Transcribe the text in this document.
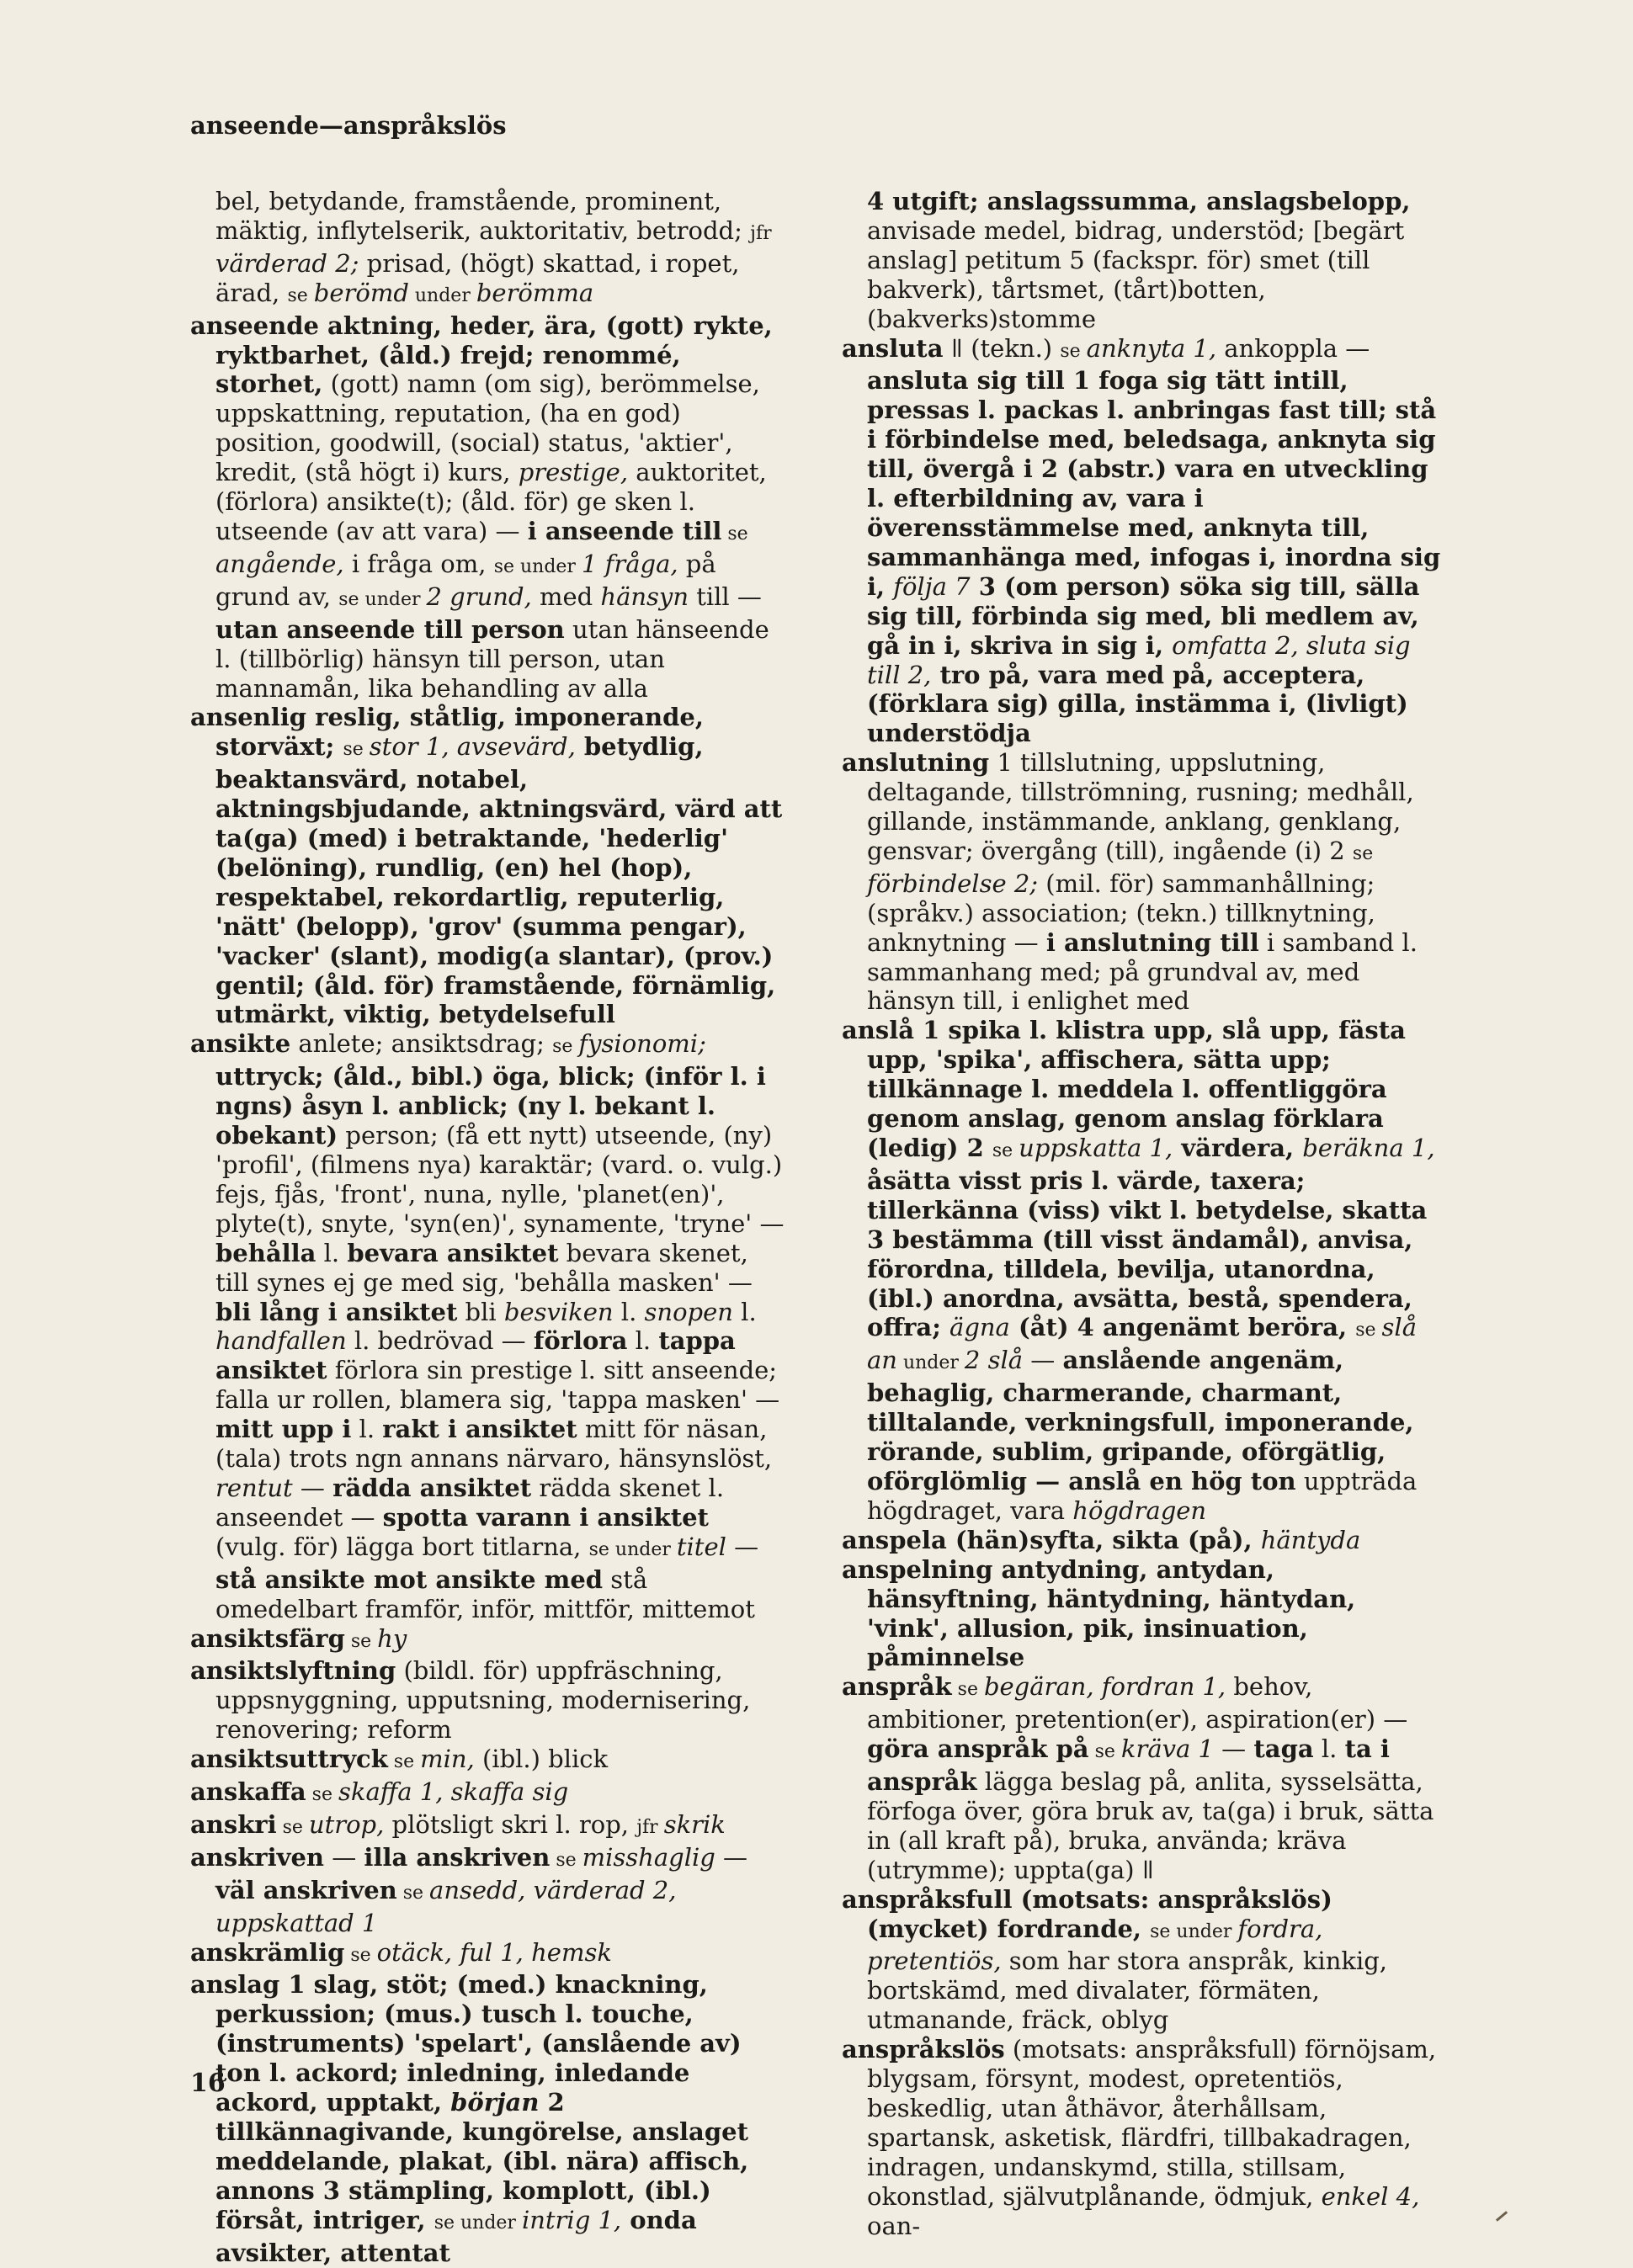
anseende—anspråkslös

bel, betydande, framstående, prominent, mäktig, inflytelserik, auktoritativ, betrodd; jfr värderad 2; prisad, (högt) skattad, i ropet, ärad, se berömd under berömma

anseende aktning, heder, ära, (gott) rykte, ryktbarhet, (åld.) frejd; renommé, storhet, (gott) namn (om sig), berömmelse, uppskattning, reputation, (ha en god) position, goodwill, (social) status, 'aktier', kredit, (stå högt i) kurs, prestige, auktoritet, (förlora) ansikte(t); (åld. för) ge sken l. utseende (av att vara) — i anseende till se angående, i fråga om, se under 1 fråga, på grund av, se under 2 grund, med hänsyn till — utan anseende till person utan hänseende l. (tillbörlig) hänsyn till person, utan mannamån, lika behandling av alla

ansenlig reslig, ståtlig, imponerande, storväxt; se stor 1, avsevärd, betydlig, beaktansvärd, notabel, aktningsbjudande, aktningsvärd, värd att ta(ga) (med) i betraktande, 'hederlig' (belöning), rundlig, (en) hel (hop), respektabel, rekordartlig, reputerlig, 'nätt' (belopp), 'grov' (summa pengar), 'vacker' (slant), modig(a slantar), (prov.) gentil; (åld. för) framstående, förnämlig, utmärkt, viktig, betydelsefull

ansikte anlete; ansiktsdrag; se fysionomi; uttryck; (åld., bibl.) öga, blick; (inför l. i ngns) åsyn l. anblick; (ny l. bekant l. obekant) person; (få ett nytt) utseende, (ny) 'profil', (filmens nya) karaktär; (vard. o. vulg.) fejs, fjås, 'front', nuna, nylle, 'planet(en)', plyte(t), snyte, 'syn(en)', synamente, 'tryne' — behålla l. bevara ansiktet bevara skenet, till synes ej ge med sig, 'behålla masken' — bli lång i ansiktet bli besviken l. snopen l. handfallen l. bedrövad — förlora l. tappa ansiktet förlora sin prestige l. sitt anseende; falla ur rollen, blamera sig, 'tappa masken' — mitt upp i l. rakt i ansiktet mitt för näsan, (tala) trots ngn annans närvaro, hänsynslöst, rentut — rädda ansiktet rädda skenet l. anseendet — spotta varann i ansiktet (vulg. för) lägga bort titlarna, se under titel — stå ansikte mot ansikte med stå omedelbart framför, inför, mittför, mittemot

ansiktsfärg se hy

ansiktslyftning (bildl. för) uppfräschning, uppsnyggning, upputsning, modernisering, renovering; reform

ansiktsuttryck se min, (ibl.) blick

anskaffa se skaffa 1, skaffa sig

anskri se utrop, plötsligt skri l. rop, jfr skrik

anskriven — illa anskriven se misshaglig — väl anskriven se ansedd, värderad 2, uppskattad 1

anskrämlig se otäck, ful 1, hemsk

anslag 1 slag, stöt; (med.) knackning, perkussion; (mus.) tusch l. touche, (instruments) 'spelart', (anslående av) ton l. ackord; inledning, inledande ackord, upptakt, början 2 tillkännagivande, kungörelse, anslaget meddelande, plakat, (ibl. nära) affisch, annons 3 stämpling, komplott, (ibl.) försåt, intriger, se under intrig 1, onda avsikter, attentat

4 utgift; anslagssumma, anslagsbelopp, anvisade medel, bidrag, understöd; [begärt anslag] petitum 5 (fackspr. för) smet (till bakverk), tårtsmet, (tårt)botten, (bakverks)stomme

ansluta ǁ (tekn.) se anknyta 1, ankoppla — ansluta sig till 1 foga sig tätt intill, pressas l. packas l. anbringas fast till; stå i förbindelse med, beledsaga, anknyta sig till, övergå i 2 (abstr.) vara en utveckling l. efterbildning av, vara i överensstämmelse med, anknyta till, sammanhänga med, infogas i, inordna sig i, följa 7 3 (om person) söka sig till, sälla sig till, förbinda sig med, bli medlem av, gå in i, skriva in sig i, omfatta 2, sluta sig till 2, tro på, vara med på, acceptera, (förklara sig) gilla, instämma i, (livligt) understödja

anslutning 1 tillslutning, uppslutning, deltagande, tillströmning, rusning; medhåll, gillande, instämmande, anklang, genklang, gensvar; övergång (till), ingående (i) 2 se förbindelse 2; (mil. för) sammanhållning; (språkv.) association; (tekn.) tillknytning, anknytning — i anslutning till i samband l. sammanhang med; på grundval av, med hänsyn till, i enlighet med

anslå 1 spika l. klistra upp, slå upp, fästa upp, 'spika', affischera, sätta upp; tillkännage l. meddela l. offentliggöra genom anslag, genom anslag förklara (ledig) 2 se uppskatta 1, värdera, beräkna 1, åsätta visst pris l. värde, taxera; tillerkänna (viss) vikt l. betydelse, skatta 3 bestämma (till visst ändamål), anvisa, förordna, tilldela, bevilja, utanordna, (ibl.) anordna, avsätta, bestå, spendera, offra; ägna (åt) 4 angenämt beröra, se slå an under 2 slå — anslående angenäm, behaglig, charmerande, charmant, tilltalande, verkningsfull, imponerande, rörande, sublim, gripande, oförgätlig, oförglömlig — anslå en hög ton uppträda högdraget, vara högdragen

anspela (hän)syfta, sikta (på), häntyda

anspelning antydning, antydan, hänsyftning, häntydning, häntydan, 'vink', allusion, pik, insinuation, påminnelse

anspråk se begäran, fordran 1, behov, ambitioner, pretention(er), aspiration(er) — göra anspråk på se kräva 1 — taga l. ta i anspråk lägga beslag på, anlita, sysselsätta, förfoga över, göra bruk av, ta(ga) i bruk, sätta in (all kraft på), bruka, använda; kräva (utrymme); uppta(ga) ǁ

anspråksfull (motsats: anspråkslös) (mycket) fordrande, se under fordra, pretentiös, som har stora anspråk, kinkig, bortskämd, med divalater, förmäten, utmanande, fräck, oblyg

anspråkslös (motsats: anspråksfull) förnöjsam, blygsam, försynt, modest, opretentiös, beskedlig, utan åthävor, återhållsam, spartansk, asketisk, flärdfri, tillbakadragen, indragen, undanskymd, stilla, stillsam, okonstlad, självutplånande, ödmjuk, enkel 4, oan-

16
